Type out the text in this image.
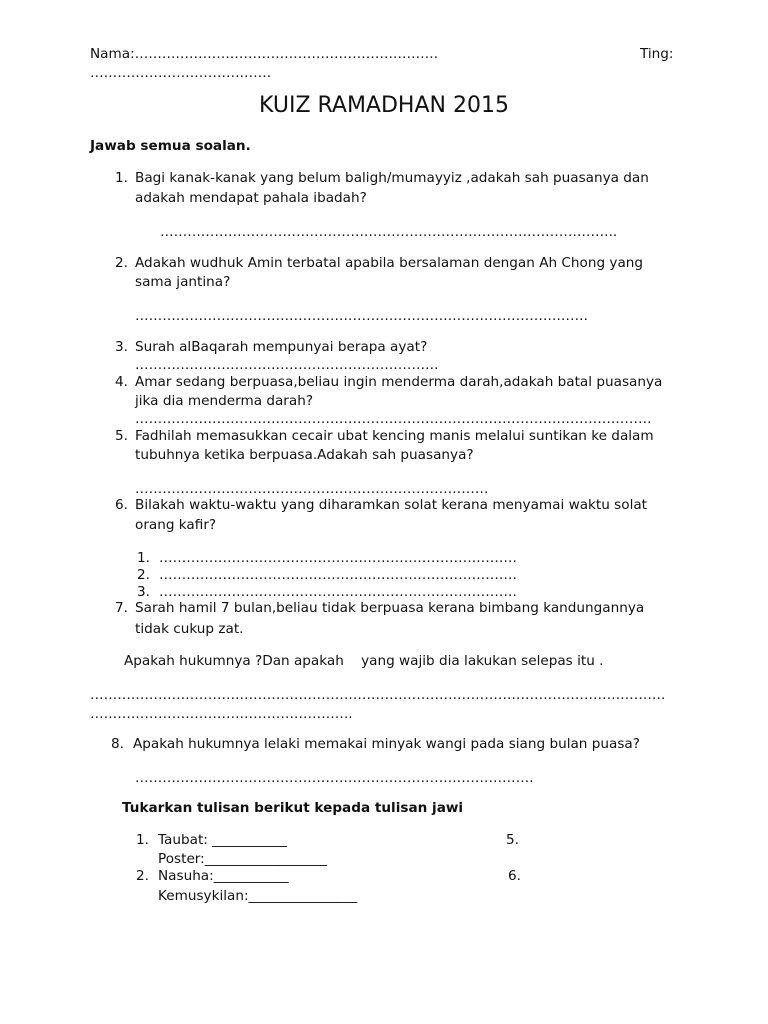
Nama:………………………………………………………….	Ting:
………………………………….
KUIZ RAMADHAN 2015
Jawab semua soalan.
1. Bagi kanak-kanak yang belum baligh/mumayyiz ,adakah sah puasanya dan
adakah mendapat pahala ibadah?
………………………………………………………………………………………..
2. Adakah wudhuk Amin terbatal apabila bersalaman dengan Ah Chong yang
sama jantina?
……………………………………………………………………………………….
3. Surah alBaqarah mempunyai berapa ayat?
………………………………………………………….
4. Amar sedang berpuasa,beliau ingin menderma darah,adakah batal puasanya
jika dia menderma darah?
……………………………………………………………………………………………………
5. Fadhilah memasukkan cecair ubat kencing manis melalui suntikan ke dalam
tubuhnya ketika berpuasa.Adakah sah puasanya?
……………………………………………………………………
6. Bilakah waktu-waktu yang diharamkan solat kerana menyamai waktu solat
orang kafir?
1. …………………………………………………………………….
2. …………………………………………………………………….
3. …………………………………………………………………….
7. Sarah hamil 7 bulan,beliau tidak berpuasa kerana bimbang kandungannya
tidak cukup zat.
Apakah hukumnya ?Dan apakah    yang wajib dia lakukan selepas itu .
……………………………………………………………………………………………………………….
………………………………………………….
8. Apakah hukumnya lelaki memakai minyak wangi pada siang bulan puasa?
…………………………………………………………………………….
Tukarkan tulisan berikut kepada tulisan jawi
1. Taubat: ___________	5.
Poster:__________________
2. Nasuha:___________	6.
Kemusykilan:________________
